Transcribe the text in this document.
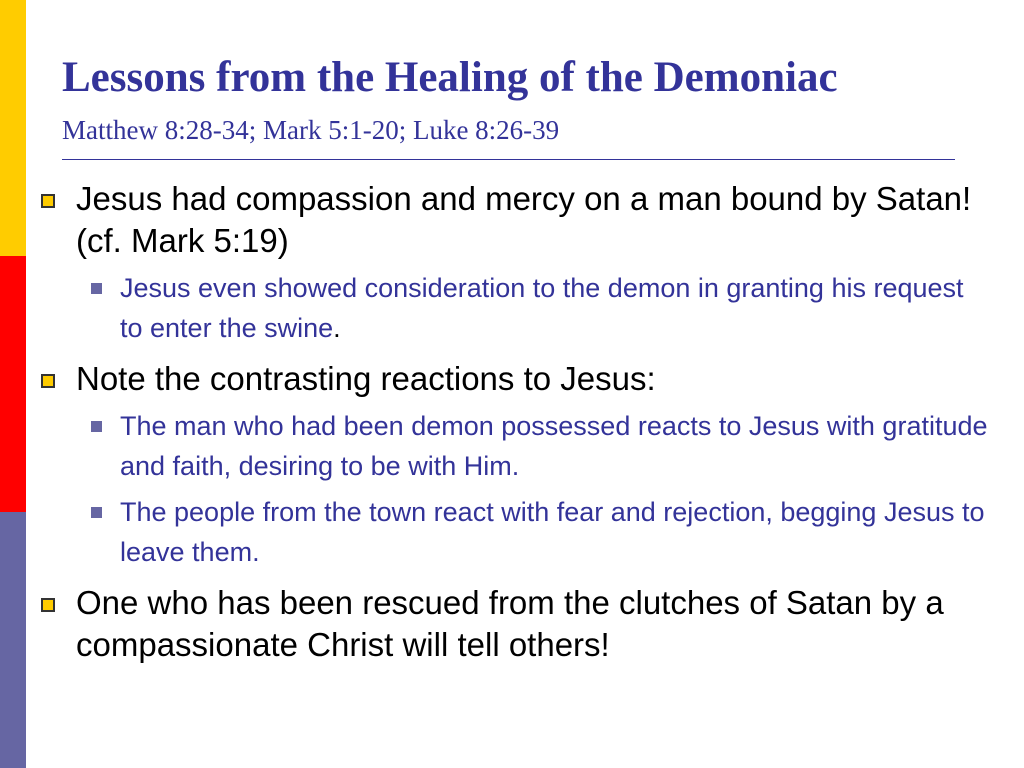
Lessons from the Healing of the Demoniac
Matthew 8:28-34; Mark 5:1-20; Luke 8:26-39
Jesus had compassion and mercy on a man bound by Satan! (cf. Mark 5:19)
Jesus even showed consideration to the demon in granting his request to enter the swine.
Note the contrasting reactions to Jesus:
The man who had been demon possessed reacts to Jesus with gratitude and faith, desiring to be with Him.
The people from the town react with fear and rejection, begging Jesus to leave them.
One who has been rescued from the clutches of Satan by a compassionate Christ will tell others!
